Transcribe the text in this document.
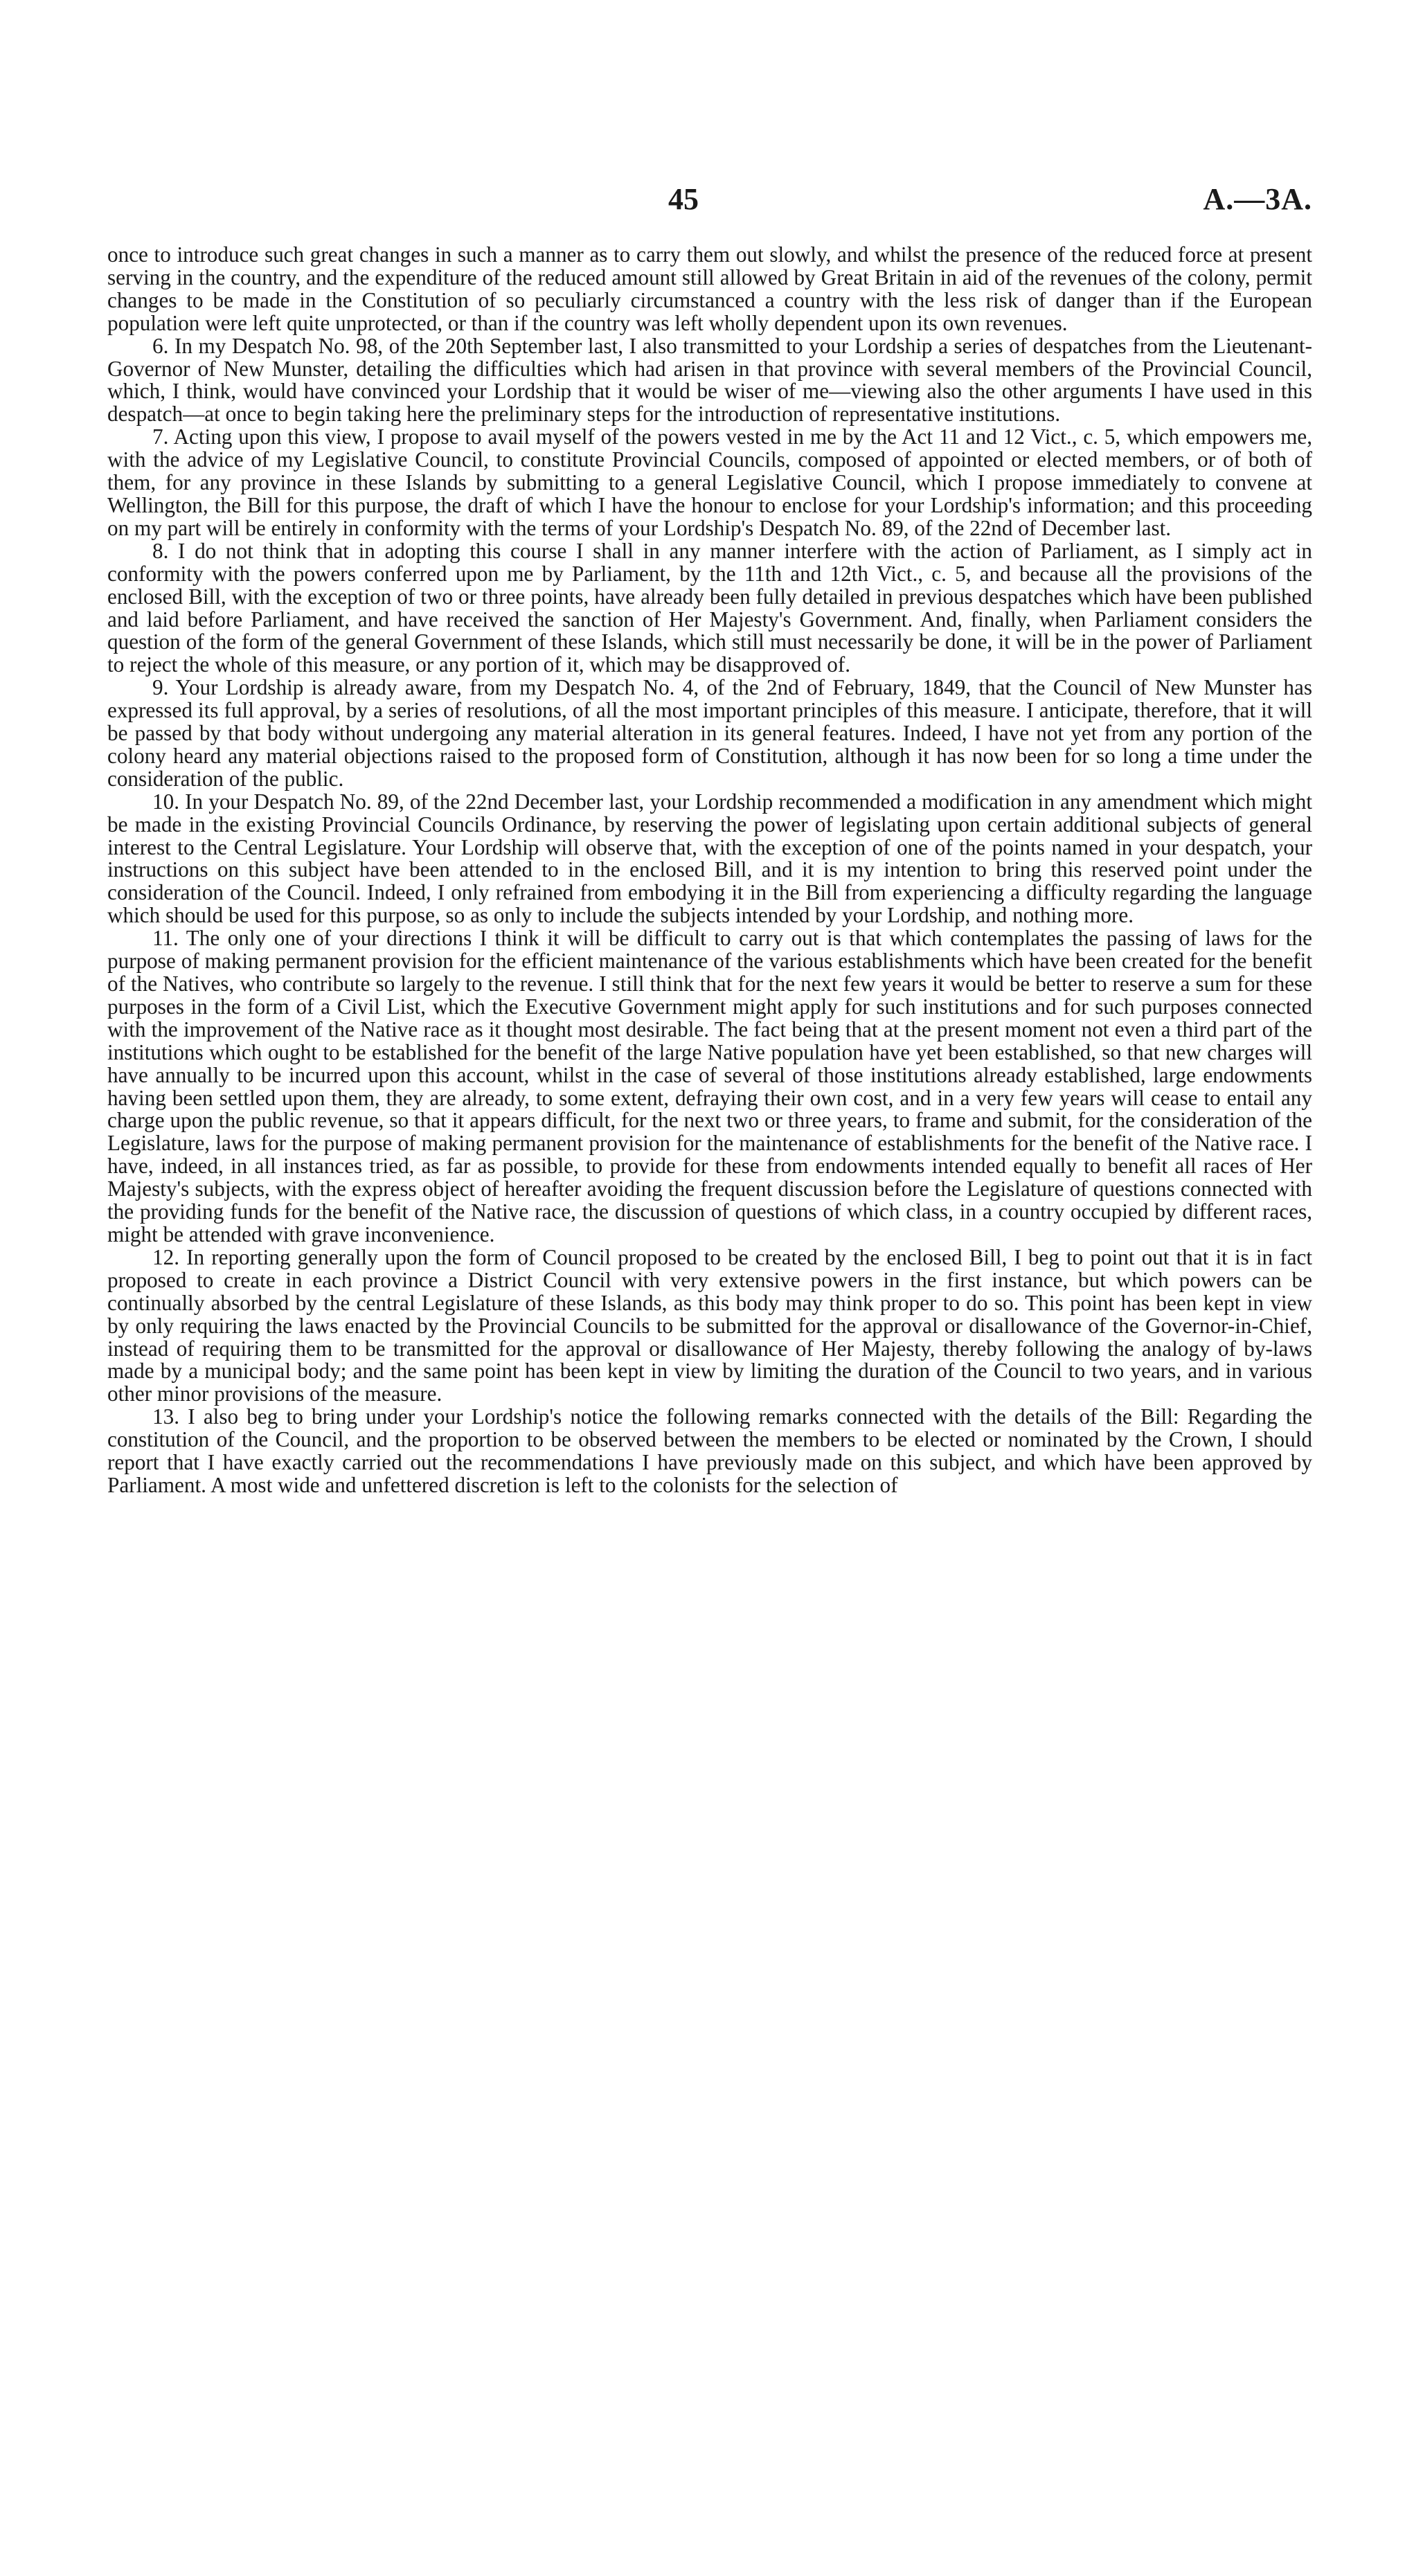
45	A.—3A.

once to introduce such great changes in such a manner as to carry them out slowly, and whilst the presence of the reduced force at present serving in the country, and the expenditure of the reduced amount still allowed by Great Britain in aid of the revenues of the colony, permit changes to be made in the Constitution of so peculiarly circumstanced a country with the less risk of danger than if the European population were left quite unprotected, or than if the country was left wholly dependent upon its own revenues.

6. In my Despatch No. 98, of the 20th September last, I also transmitted to your Lordship a series of despatches from the Lieutenant-Governor of New Munster, detailing the difficulties which had arisen in that province with several members of the Provincial Council, which, I think, would have convinced your Lordship that it would be wiser of me—viewing also the other arguments I have used in this despatch—at once to begin taking here the preliminary steps for the introduction of representative institutions.

7. Acting upon this view, I propose to avail myself of the powers vested in me by the Act 11 and 12 Vict., c. 5, which empowers me, with the advice of my Legislative Council, to constitute Provincial Councils, composed of appointed or elected members, or of both of them, for any province in these Islands by submitting to a general Legislative Council, which I propose immediately to convene at Wellington, the Bill for this purpose, the draft of which I have the honour to enclose for your Lordship's information; and this proceeding on my part will be entirely in conformity with the terms of your Lordship's Despatch No. 89, of the 22nd of December last.

8. I do not think that in adopting this course I shall in any manner interfere with the action of Parliament, as I simply act in conformity with the powers conferred upon me by Parliament, by the 11th and 12th Vict., c. 5, and because all the provisions of the enclosed Bill, with the exception of two or three points, have already been fully detailed in previous despatches which have been published and laid before Parliament, and have received the sanction of Her Majesty's Government. And, finally, when Parliament considers the question of the form of the general Government of these Islands, which still must necessarily be done, it will be in the power of Parliament to reject the whole of this measure, or any portion of it, which may be disapproved of.

9. Your Lordship is already aware, from my Despatch No. 4, of the 2nd of February, 1849, that the Council of New Munster has expressed its full approval, by a series of resolutions, of all the most important principles of this measure. I anticipate, therefore, that it will be passed by that body without undergoing any material alteration in its general features. Indeed, I have not yet from any portion of the colony heard any material objections raised to the proposed form of Constitution, although it has now been for so long a time under the consideration of the public.

10. In your Despatch No. 89, of the 22nd December last, your Lordship recommended a modification in any amendment which might be made in the existing Provincial Councils Ordinance, by reserving the power of legislating upon certain additional subjects of general interest to the Central Legislature. Your Lordship will observe that, with the exception of one of the points named in your despatch, your instructions on this subject have been attended to in the enclosed Bill, and it is my intention to bring this reserved point under the consideration of the Council. Indeed, I only refrained from embodying it in the Bill from experiencing a difficulty regarding the language which should be used for this purpose, so as only to include the subjects intended by your Lordship, and nothing more.

11. The only one of your directions I think it will be difficult to carry out is that which contemplates the passing of laws for the purpose of making permanent provision for the efficient maintenance of the various establishments which have been created for the benefit of the Natives, who contribute so largely to the revenue. I still think that for the next few years it would be better to reserve a sum for these purposes in the form of a Civil List, which the Executive Government might apply for such institutions and for such purposes connected with the improvement of the Native race as it thought most desirable. The fact being that at the present moment not even a third part of the institutions which ought to be established for the benefit of the large Native population have yet been established, so that new charges will have annually to be incurred upon this account, whilst in the case of several of those institutions already established, large endowments having been settled upon them, they are already, to some extent, defraying their own cost, and in a very few years will cease to entail any charge upon the public revenue, so that it appears difficult, for the next two or three years, to frame and submit, for the consideration of the Legislature, laws for the purpose of making permanent provision for the maintenance of establishments for the benefit of the Native race. I have, indeed, in all instances tried, as far as possible, to provide for these from endowments intended equally to benefit all races of Her Majesty's subjects, with the express object of hereafter avoiding the frequent discussion before the Legislature of questions connected with the providing funds for the benefit of the Native race, the discussion of questions of which class, in a country occupied by different races, might be attended with grave inconvenience.

12. In reporting generally upon the form of Council proposed to be created by the enclosed Bill, I beg to point out that it is in fact proposed to create in each province a District Council with very extensive powers in the first instance, but which powers can be continually absorbed by the central Legislature of these Islands, as this body may think proper to do so. This point has been kept in view by only requiring the laws enacted by the Provincial Councils to be submitted for the approval or disallowance of the Governor-in-Chief, instead of requiring them to be transmitted for the approval or disallowance of Her Majesty, thereby following the analogy of by-laws made by a municipal body; and the same point has been kept in view by limiting the duration of the Council to two years, and in various other minor provisions of the measure.

13. I also beg to bring under your Lordship's notice the following remarks connected with the details of the Bill: Regarding the constitution of the Council, and the proportion to be observed between the members to be elected or nominated by the Crown, I should report that I have exactly carried out the recommendations I have previously made on this subject, and which have been approved by Parliament. A most wide and unfettered discretion is left to the colonists for the selection of
